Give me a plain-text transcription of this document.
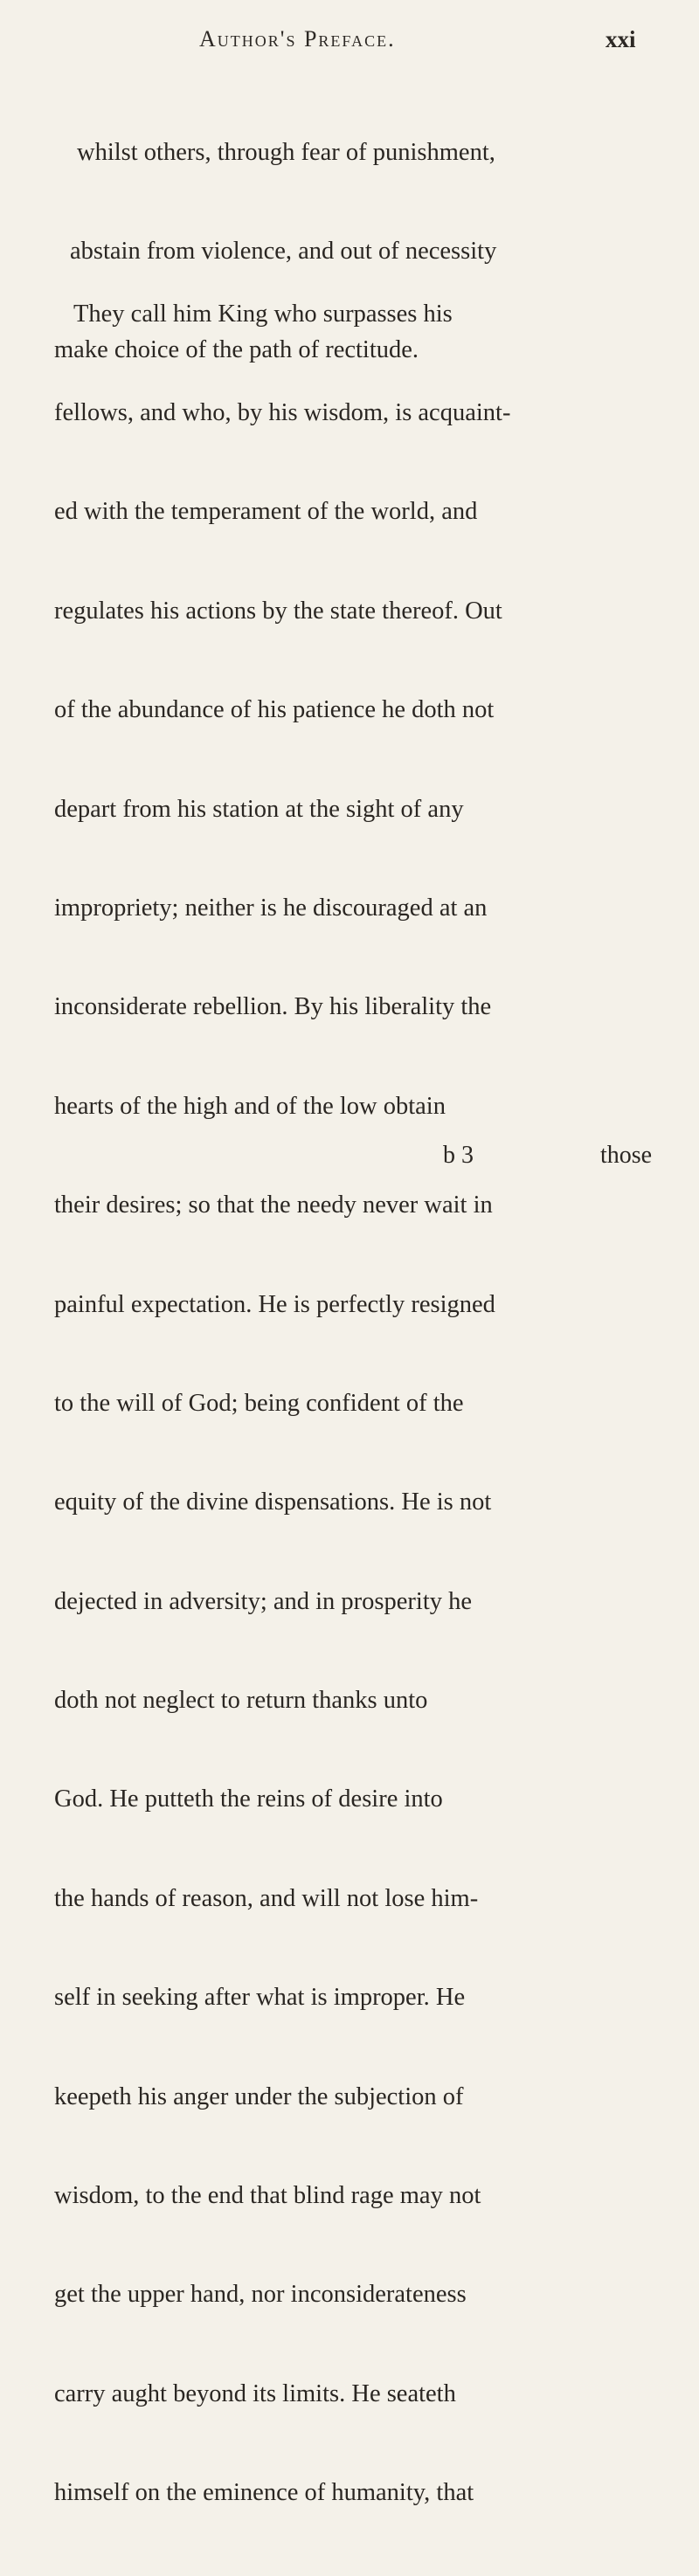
Author's Preface.	xxi

whilst others, through fear of punishment,

abstain from violence, and out of necessity

make choice of the path of rectitude.

They call him King who surpasses his

fellows, and who, by his wisdom, is acquaint-

ed with the temperament of the world, and

regulates his actions by the state thereof. Out

of the abundance of his patience he doth not

depart from his station at the sight of any

impropriety; neither is he discouraged at an

inconsiderate rebellion. By his liberality the

hearts of the high and of the low obtain

their desires; so that the needy never wait in

painful expectation. He is perfectly resigned

to the will of God; being confident of the

equity of the divine dispensations. He is not

dejected in adversity; and in prosperity he

doth not neglect to return thanks unto

God. He putteth the reins of desire into

the hands of reason, and will not lose him-

self in seeking after what is improper. He

keepeth his anger under the subjection of

wisdom, to the end that blind rage may not

get the upper hand, nor inconsiderateness

carry aught beyond its limits. He seateth

himself on the eminence of humanity, that

b 3	those
